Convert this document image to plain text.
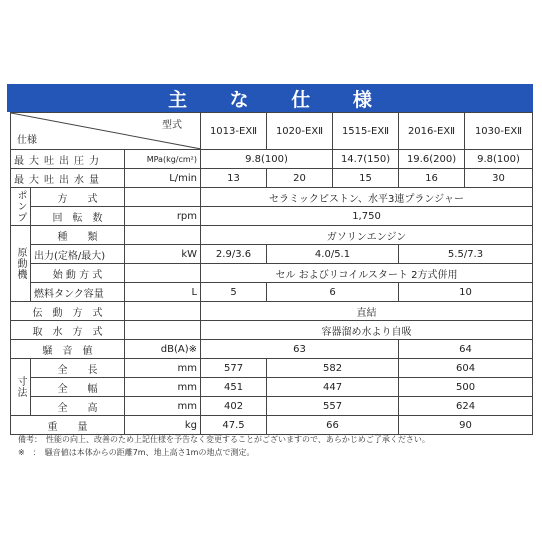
主 な 仕 様
型式
仕様			1013-EXⅡ	1020-EXⅡ	1515-EXⅡ	2016-EXⅡ	1030-EXⅡ
最大吐出圧力		MPa(kg/cm²)	9.8(100)		14.7(150)	19.6(200)	9.8(100)
最大吐出水量		L/min	13	20	15	16	30
ポンプ	方　　式		セラミックピストン、水平3連プランジャー				
	回　転　数	rpm	1,750				
原動機	種　　類		ガソリンエンジン				
	出力(定格/最大)	kW	2.9/3.6	4.0/5.1		5.5/7.3	
	始 動 方 式		セル およびリコイルスタート 2方式併用				
	燃料タンク容量	L	5	6		10	
伝　動　方　式			直結				
取　水　方　式			容器溜め水より自吸				
騒　音　値		dB(A)※	63			64	
寸法	全　　長	mm	577	582		604	
	全　　幅	mm	451	447		500	
	全　　高	mm	402	557		624	
重　　量		kg	47.5	66		90	
備考：　性能の向上、改善のため上記仕様を予告なく変更することがございますので、あらかじめご了承ください。
※　：　騒音値は本体からの距離7m、地上高さ1mの地点で測定。
